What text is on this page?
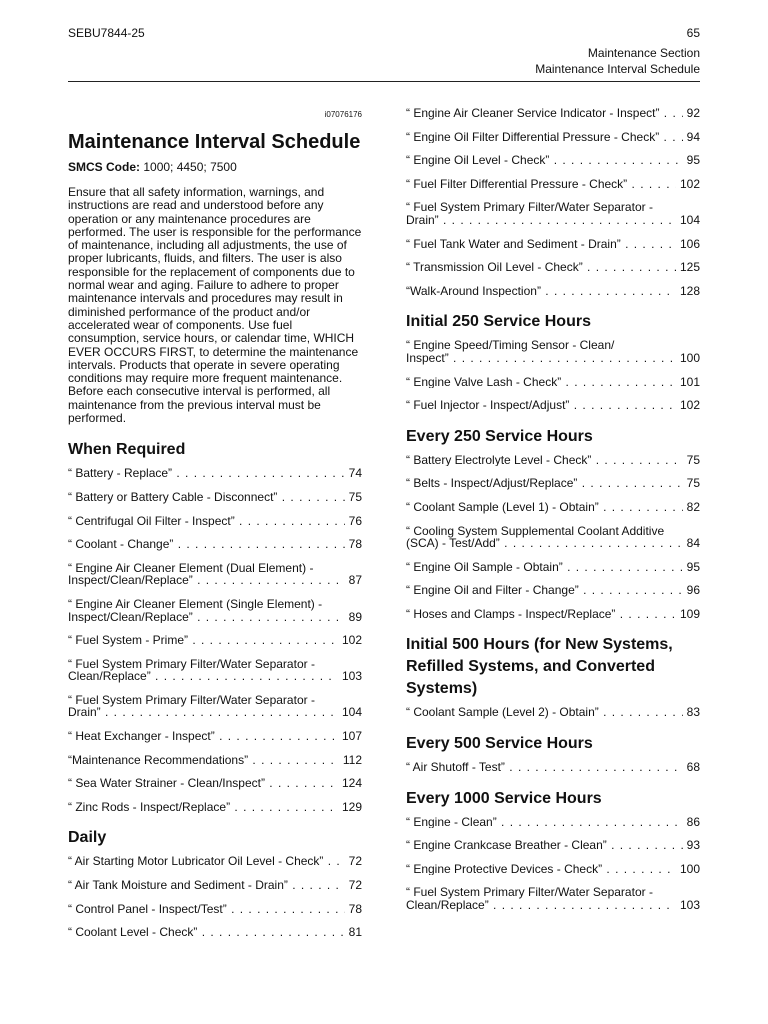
SEBU7844-25	65
Maintenance Section
Maintenance Interval Schedule
i07076176
Maintenance Interval Schedule
SMCS Code: 1000; 4450; 7500
Ensure that all safety information, warnings, and instructions are read and understood before any operation or any maintenance procedures are performed. The user is responsible for the performance of maintenance, including all adjustments, the use of proper lubricants, fluids, and filters. The user is also responsible for the replacement of components due to normal wear and aging. Failure to adhere to proper maintenance intervals and procedures may result in diminished performance of the product and/or accelerated wear of components. Use fuel consumption, service hours, or calendar time, WHICH EVER OCCURS FIRST, to determine the maintenance intervals. Products that operate in severe operating conditions may require more frequent maintenance. Before each consecutive interval is performed, all maintenance from the previous interval must be performed.
When Required
“ Battery - Replace” . . .	74
“ Battery or Battery Cable - Disconnect” . . .	75
“ Centrifugal Oil Filter - Inspect” . . .	76
“ Coolant - Change” . . .	78
“ Engine Air Cleaner Element (Dual Element) -
Inspect/Clean/Replace” . . .	87
“ Engine Air Cleaner Element (Single Element) -
Inspect/Clean/Replace” . . .	89
“ Fuel System - Prime” . . .	102
“ Fuel System Primary Filter/Water Separator -
Clean/Replace” . . .	103
“ Fuel System Primary Filter/Water Separator -
Drain” . . .	104
“ Heat Exchanger - Inspect” . . .	107
“Maintenance Recommendations” . . .	112
“ Sea Water Strainer - Clean/Inspect” . . .	124
“ Zinc Rods - Inspect/Replace” . . .	129
Daily
“ Air Starting Motor Lubricator Oil Level - Check” . . .	72
“ Air Tank Moisture and Sediment - Drain” . . .	72
“ Control Panel - Inspect/Test” . . .	78
“ Coolant Level - Check” . . .	81
“ Engine Air Cleaner Service Indicator - Inspect” . . .	92
“ Engine Oil Filter Differential Pressure - Check” . . .	94
“ Engine Oil Level - Check” . . .	95
“ Fuel Filter Differential Pressure - Check” . . .	102
“ Fuel System Primary Filter/Water Separator -
Drain” . . .	104
“ Fuel Tank Water and Sediment - Drain” . . .	106
“ Transmission Oil Level - Check” . . .	125
“Walk-Around Inspection” . . .	128
Initial 250 Service Hours
“ Engine Speed/Timing Sensor - Clean/
Inspect” . . .	100
“ Engine Valve Lash - Check” . . .	101
“ Fuel Injector - Inspect/Adjust” . . .	102
Every 250 Service Hours
“ Battery Electrolyte Level - Check” . . .	75
“ Belts - Inspect/Adjust/Replace” . . .	75
“ Coolant Sample (Level 1) - Obtain” . . .	82
“ Cooling System Supplemental Coolant Additive
(SCA) - Test/Add” . . .	84
“ Engine Oil Sample - Obtain” . . .	95
“ Engine Oil and Filter - Change” . . .	96
“ Hoses and Clamps - Inspect/Replace” . . .	109
Initial 500 Hours (for New Systems, Refilled Systems, and Converted Systems)
“ Coolant Sample (Level 2) - Obtain” . . .	83
Every 500 Service Hours
“ Air Shutoff - Test” . . .	68
Every 1000 Service Hours
“ Engine - Clean” . . .	86
“ Engine Crankcase Breather - Clean” . . .	93
“ Engine Protective Devices - Check” . . .	100
“ Fuel System Primary Filter/Water Separator -
Clean/Replace” . . .	103
